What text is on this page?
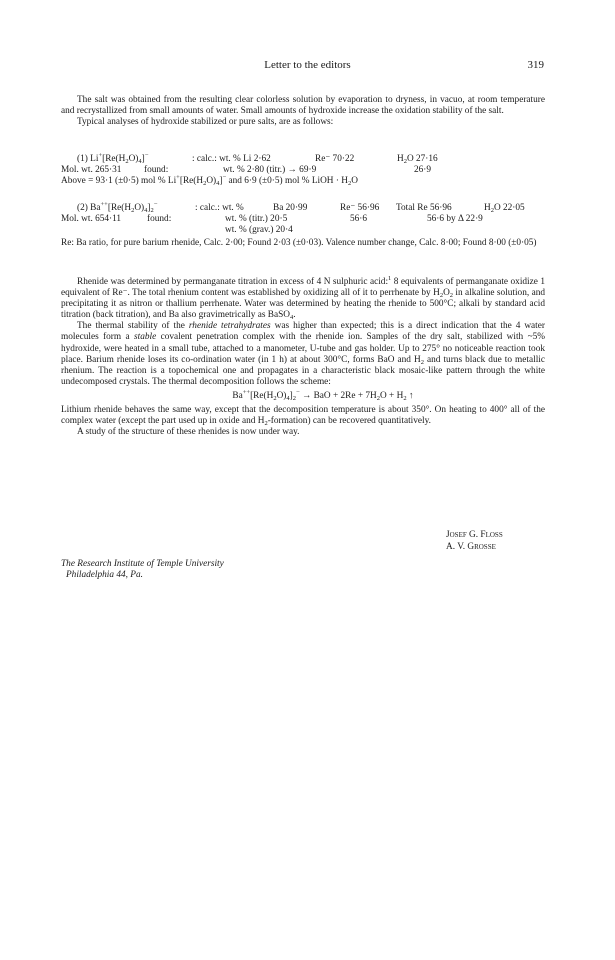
Letter to the editors	319

The salt was obtained from the resulting clear colorless solution by evaporation to dryness, in vacuo, at room temperature and recrystallized from small amounts of water. Small amounts of hydroxide increase the oxidation stability of the salt.

Typical analyses of hydroxide stabilized or pure salts, are as follows:

(1) $Li^+[Re(H_2O)_4]^-$	: calc.: wt. % Li 2·62	Re⁻ 70·22	$H_2O$ 27·16
Mol. wt. 265·31 found:	wt. % 2·80 (titr.) → 69·9	26·9
Above = 93·1 (±0·5) mol % $Li^+[Re(H_2O)_4]^-$ and 6·9 (±0·5) mol % LiOH · $H_2O$
(2) $Ba^{++}[Re(H_2O)_4]_2^-$	: calc.: wt. %	Ba 20·99	Re⁻ 56·96 Total Re 56·96	$H_2O$ 22·05
Mol. wt. 654·11	found:	wt. % (titr.) 20·5	56·6	56·6 by Δ 22·9
wt. % (grav.) 20·4

Re: Ba ratio, for pure barium rhenide, Calc. 2·00; Found 2·03 (±0·03). Valence number change, Calc. 8·00; Found 8·00 (±0·05)

Rhenide was determined by permanganate titration in excess of 4 N sulphuric acid:$^1$ 8 equivalents of permanganate oxidize 1 equivalent of Re⁻. The total rhenium content was established by oxidizing all of it to perrhenate by $H_2O_2$ in alkaline solution, and precipitating it as nitron or thallium perrhenate. Water was determined by heating the rhenide to 500°C; alkali by standard acid titration (back titration), and Ba also gravimetrically as BaSO$_4$.

The thermal stability of the rhenide tetrahydrates was higher than expected; this is a direct indication that the 4 water molecules form a stable covalent penetration complex with the rhenide ion. Samples of the dry salt, stabilized with ~5% hydroxide, were heated in a small tube, attached to a manometer, U-tube and gas holder. Up to 275° no noticeable reaction took place. Barium rhenide loses its co-ordination water (in 1 h) at about 300°C, forms BaO and $H_2$ and turns black due to metallic rhenium. The reaction is a topochemical one and propagates in a characteristic black mosaic-like pattern through the white undecomposed crystals. The thermal decomposition follows the scheme:

$Ba^{++}[Re(H_2O)_4]_2^-$ → BaO + $2Re + 7H_2O + H_2$ ↑

Lithium rhenide behaves the same way, except that the decomposition temperature is about 350°. On heating to 400° all of the complex water (except the part used up in oxide and $H_2-formation$) can be recovered quantitatively.

A study of the structure of these rhenides is now under way.

Josef G. Floss
A. V. Grosse
The Research Institute of Temple University
Philadelphia 44, Pa.
